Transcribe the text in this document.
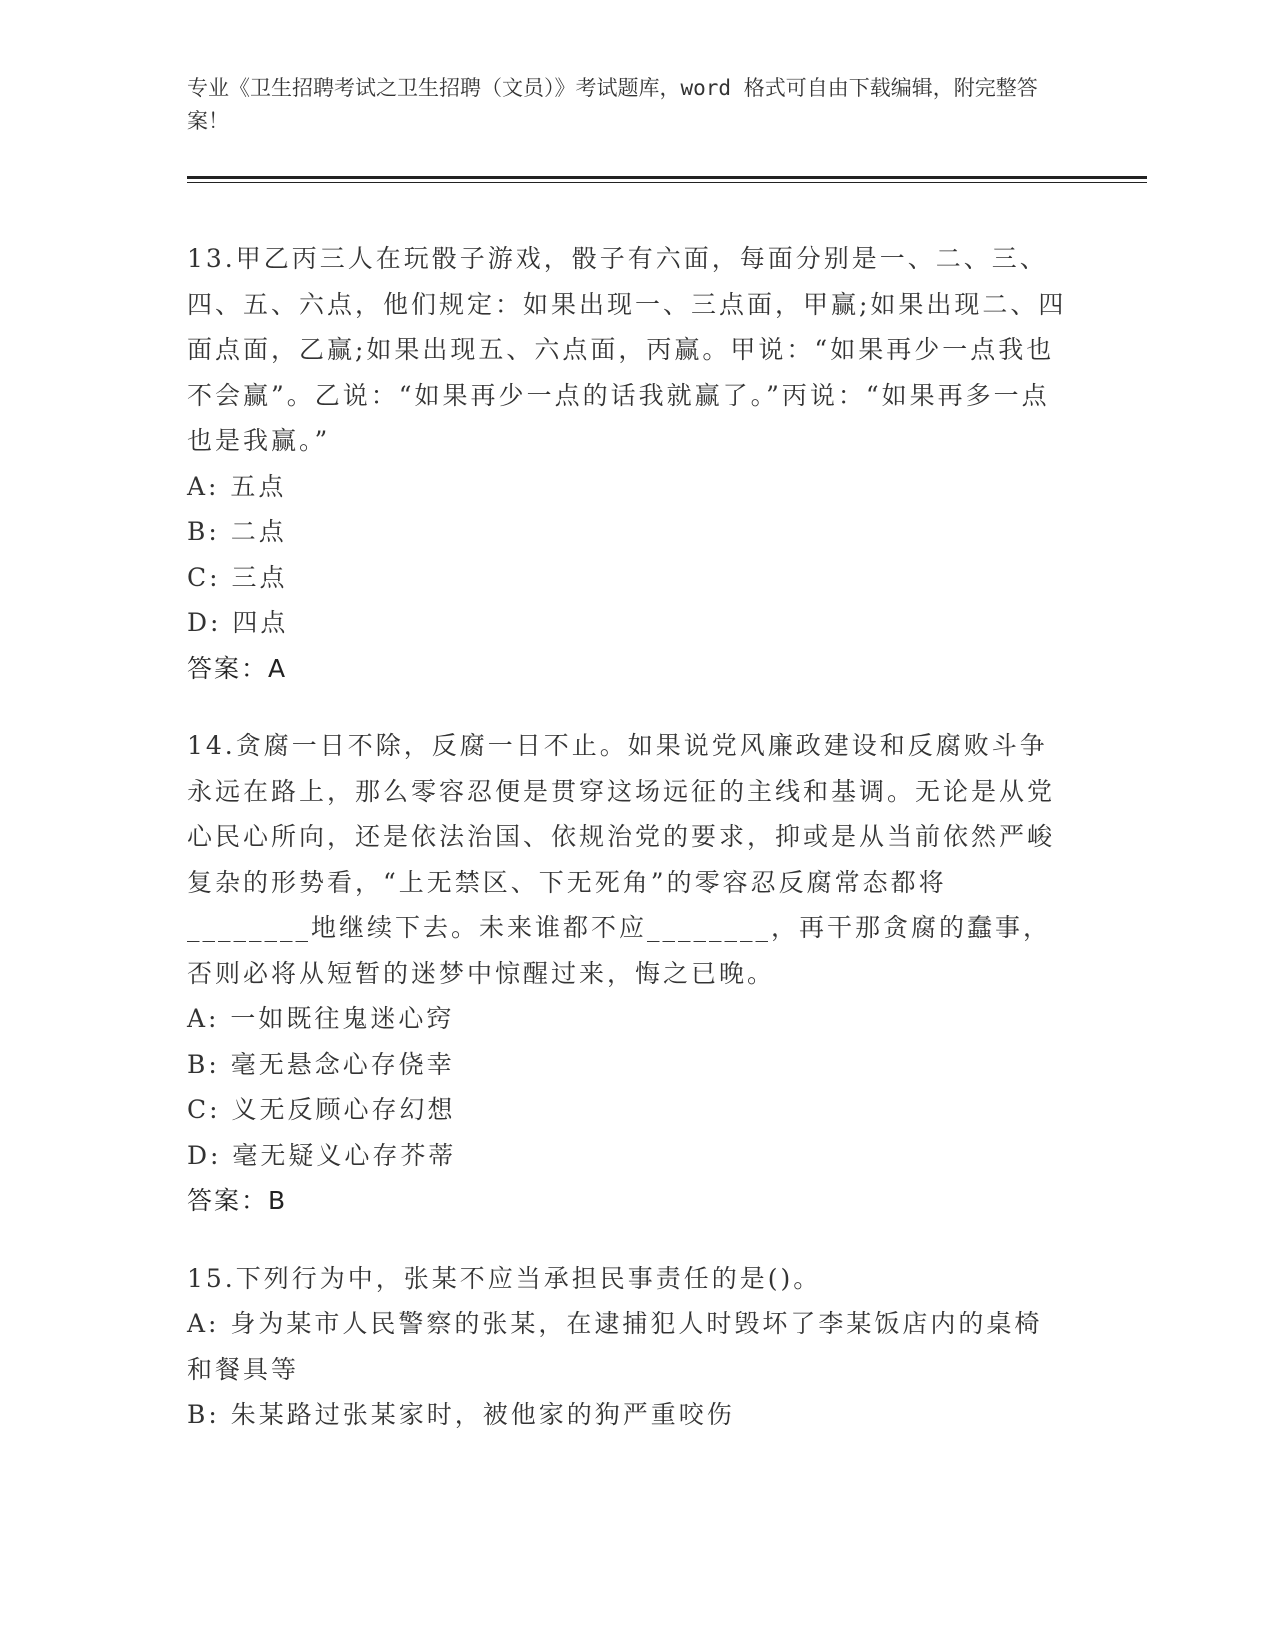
专业《卫生招聘考试之卫生招聘（文员）》考试题库，word 格式可自由下载编辑，附完整答案！

13.甲乙丙三人在玩骰子游戏，骰子有六面，每面分别是一、二、三、四、五、六点，他们规定：如果出现一、三点面，甲赢;如果出现二、四面点面，乙赢;如果出现五、六点面，丙赢。甲说：“如果再少一点我也不会赢”。乙说：“如果再少一点的话我就赢了。”丙说：“如果再多一点也是我赢。”

A: 五点

B: 二点

C: 三点

D: 四点

答案：A

14.贪腐一日不除，反腐一日不止。如果说党风廉政建设和反腐败斗争永远在路上，那么零容忍便是贯穿这场远征的主线和基调。无论是从党心民心所向，还是依法治国、依规治党的要求，抑或是从当前依然严峻复杂的形势看，“上无禁区、下无死角”的零容忍反腐常态都将________地继续下去。未来谁都不应________，再干那贪腐的蠢事，否则必将从短暂的迷梦中惊醒过来，悔之已晚。

A: 一如既往鬼迷心窍

B: 毫无悬念心存侥幸

C: 义无反顾心存幻想

D: 毫无疑义心存芥蒂

答案：B

15.下列行为中，张某不应当承担民事责任的是()。

A: 身为某市人民警察的张某，在逮捕犯人时毁坏了李某饭店内的桌椅和餐具等

B: 朱某路过张某家时，被他家的狗严重咬伤
